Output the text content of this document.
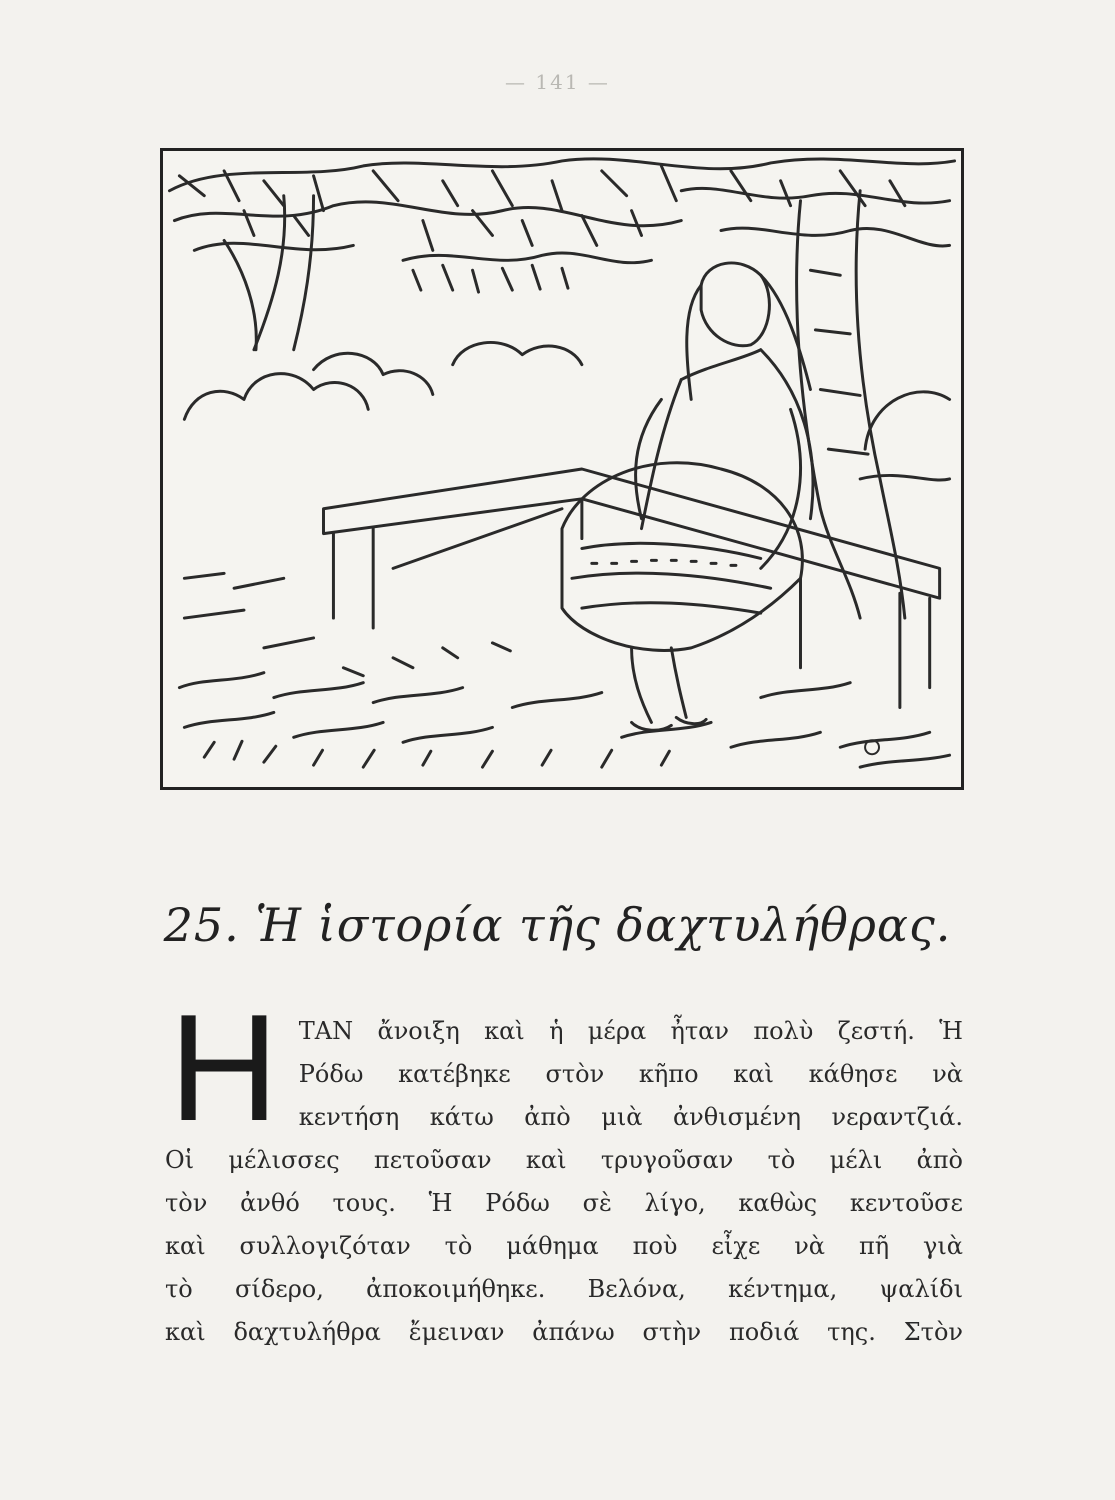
— 141 —
25. Ἡ ἱστορία τῆς δαχτυλήθρας.
Η ΤΑΝ ἄνοιξη καὶ ἡ μέρα ἦταν πολὺ ζεστή. Ἡ
Ρόδω κατέβηκε στὸν κῆπο καὶ κάθησε νὰ
κεντήση κάτω ἀπὸ μιὰ ἀνθισμένη νεραντζιά.
Οἱ μέλισσες πετοῦσαν καὶ τρυγοῦσαν τὸ μέλι ἀπὸ
τὸν ἀνθό τους. Ἡ Ρόδω σὲ λίγο, καθὼς κεντοῦσε
καὶ συλλογιζόταν τὸ μάθημα ποὺ εἶχε νὰ πῆ γιὰ
τὸ σίδερο, ἀποκοιμήθηκε. Βελόνα, κέντημα, ψαλίδι
καὶ δαχτυλήθρα ἔμειναν ἀπάνω στὴν ποδιά της. Στὸν
